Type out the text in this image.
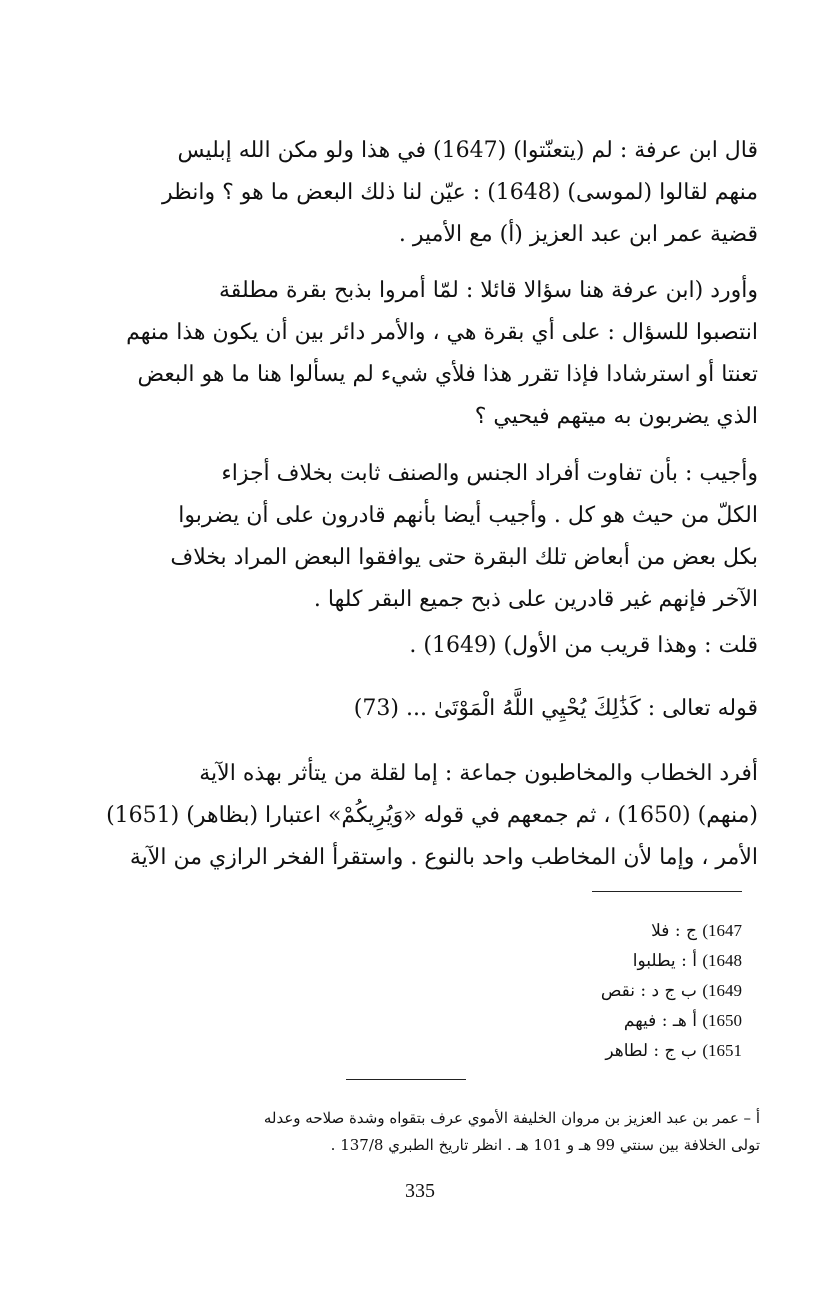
قال ابن عرفة : لم (يتعنّتوا) (1647) في هذا ولو مكن الله إبليس
منهم لقالوا (لموسى) (1648) : عيّن لنا ذلك البعض ما هو ؟ وانظر
قضية عمر ابن عبد العزيز (أ) مع الأمير .

وأورد (ابن عرفة هنا سؤالا قائلا : لمّا أمروا بذبح بقرة مطلقة
انتصبوا للسؤال : على أي بقرة هي ، والأمر دائر بين أن يكون هذا منهم
تعنتا أو استرشادا فإذا تقرر هذا فلأي شيء لم يسألوا هنا ما هو البعض
الذي يضربون به ميتهم فيحيي ؟

وأجيب : بأن تفاوت أفراد الجنس والصنف ثابت بخلاف أجزاء
الكلّ من حيث هو كل . وأجيب أيضا بأنهم قادرون على أن يضربوا
بكل بعض من أبعاض تلك البقرة حتى يوافقوا البعض المراد بخلاف
الآخر فإنهم غير قادرين على ذبح جميع البقر كلها .

قلت : وهذا قريب من الأول) (1649) .

قوله تعالى : كَذَٰلِكَ يُحْيِي اللَّهُ الْمَوْتَىٰ ... (73)

أفرد الخطاب والمخاطبون جماعة : إما لقلة من يتأثر بهذه الآية
(منهم) (1650) ، ثم جمعهم في قوله «وَيُرِيكُمْ» اعتبارا (بظاهر) (1651)
الأمر ، وإما لأن المخاطب واحد بالنوع . واستقرأ الفخر الرازي من الآية

1647) ج : فلا
1648) أ : يطلبوا
1649) ب ج د : نقص
1650) أ هـ : فيهم
1651) ب ج : لطاهر
أ – عمر بن عبد العزيز بن مروان الخليفة الأموي عرف بتقواه وشدة صلاحه وعدله
تولى الخلافة بين سنتي 99 هـ و 101 هـ . انظر تاريخ الطبري 137/8 .
335
